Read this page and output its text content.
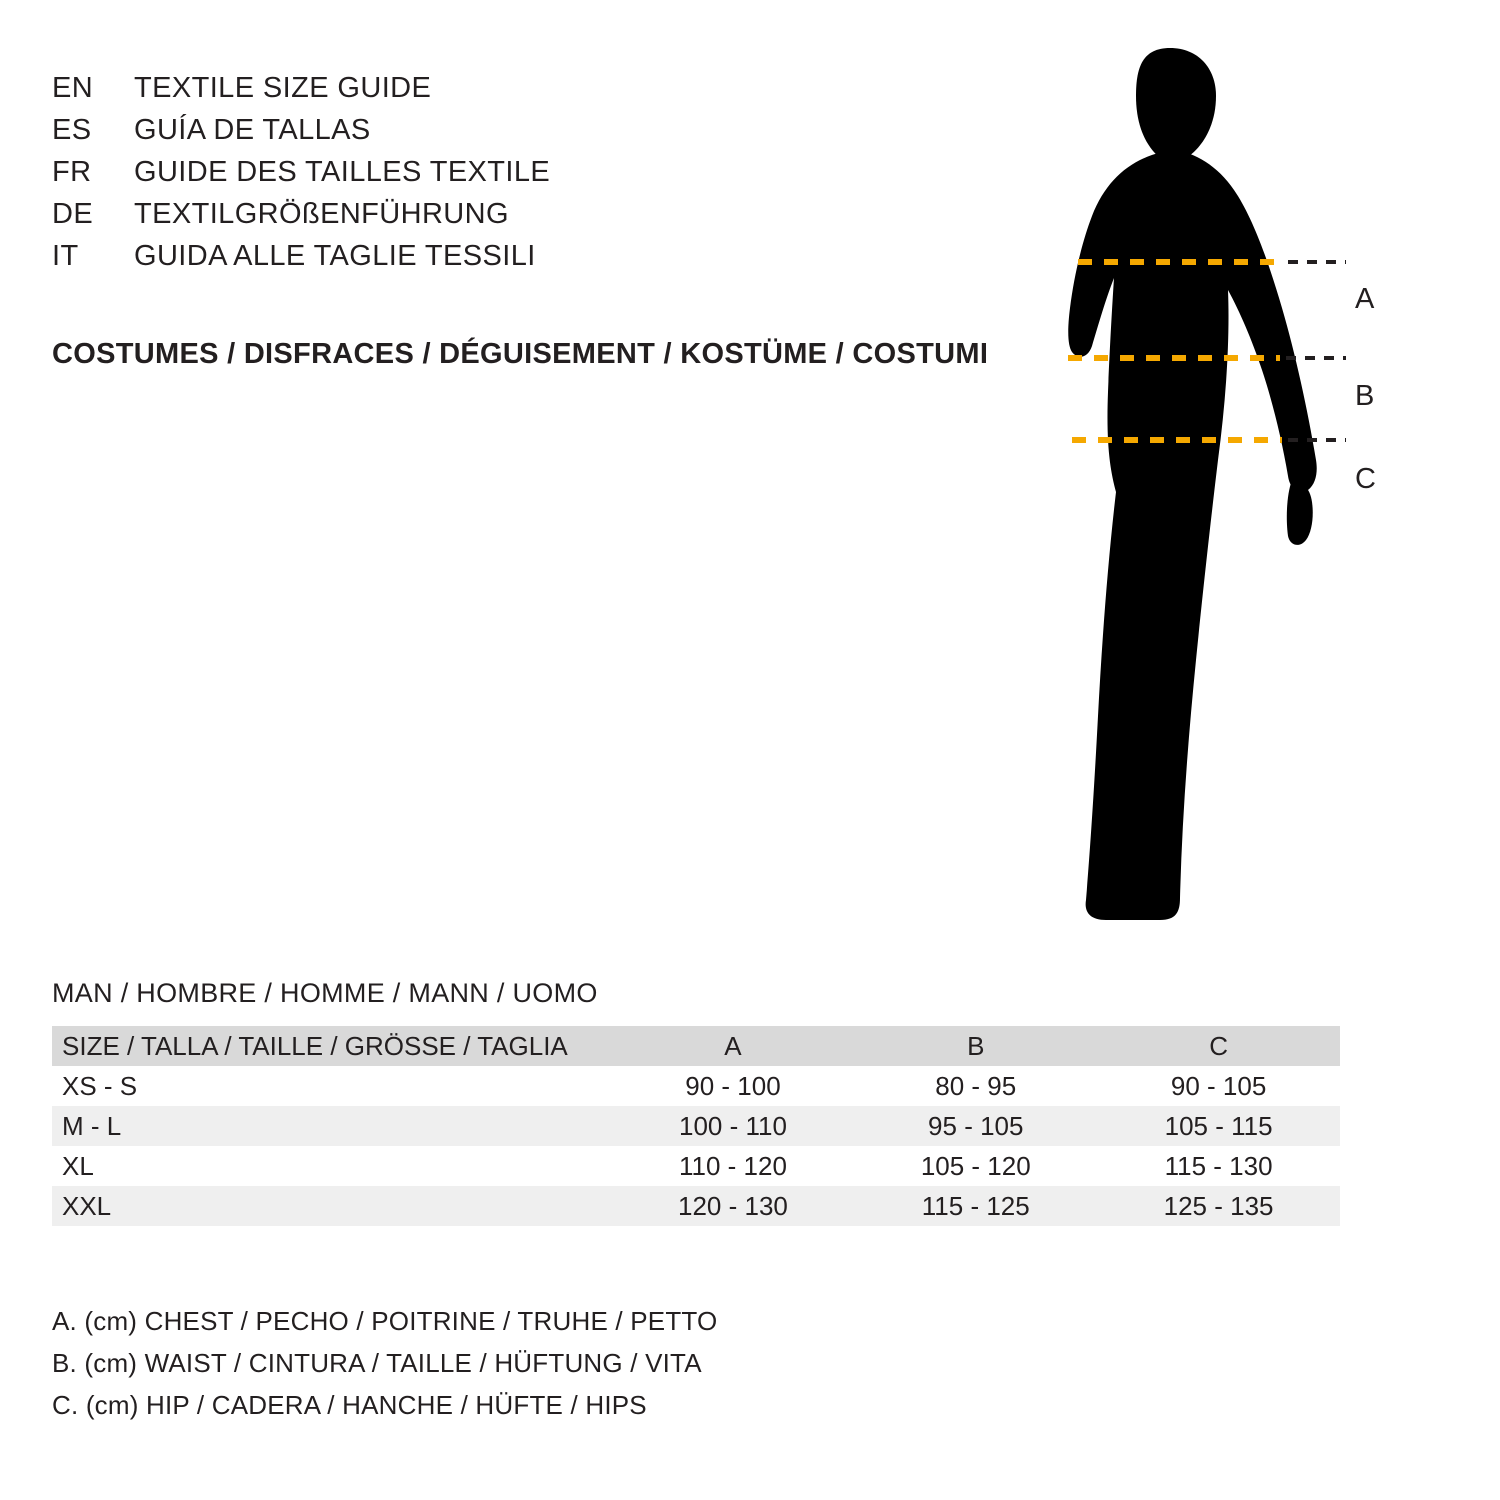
EN	TEXTILE SIZE GUIDE
ES	GUÍA DE TALLAS
FR	GUIDE DES TAILLES TEXTILE
DE	TEXTILGRÖßENFÜHRUNG
IT	GUIDA ALLE TAGLIE TESSILI
COSTUMES / DISFRACES / DÉGUISEMENT / KOSTÜME / COSTUMI
A
B
C
MAN / HOMBRE / HOMME / MANN / UOMO
SIZE / TALLA / TAILLE / GRÖSSE / TAGLIA	A	B	C
XS - S	90 - 100	80 - 95	90 - 105
M - L	100 - 110	95 - 105	105 - 115
XL	110 - 120	105 - 120	115 - 130
XXL	120 - 130	115 - 125	125 - 135
A. (cm) CHEST / PECHO / POITRINE / TRUHE / PETTO
B. (cm) WAIST / CINTURA / TAILLE / HÜFTUNG / VITA
C. (cm) HIP / CADERA / HANCHE / HÜFTE / HIPS
